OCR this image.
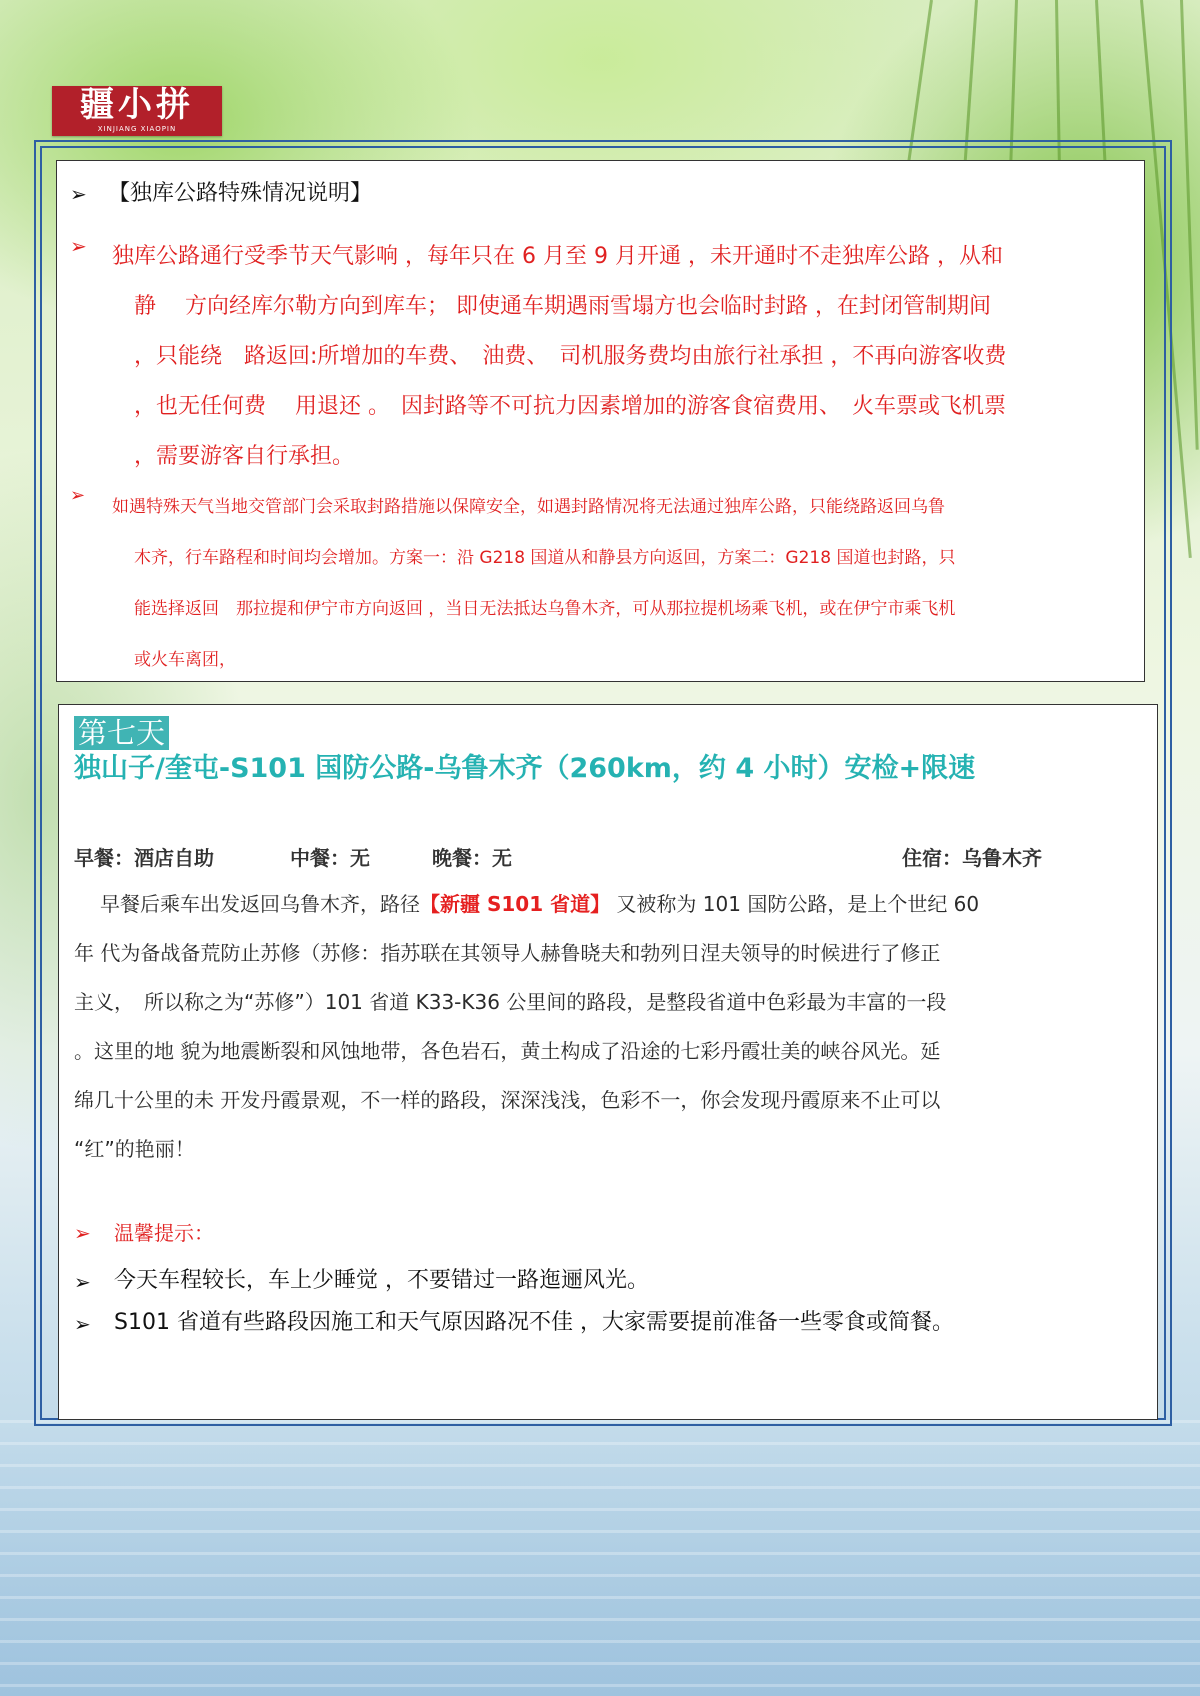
疆小拼
XINJIANG XIAOPIN
➢ 【独库公路特殊情况说明】
➢ 独库公路通行受季节天气影响 ，每年只在 6 月至 9 月开通 ，未开通时不走独库公路 ，从和
静　 方向经库尔勒方向到库车； 即使通车期遇雨雪塌方也会临时封路 ，在封闭管制期间
，只能绕　路返回:所增加的车费、　油费、　司机服务费均由旅行社承担 ，不再向游客收费
，也无任何费　 用退还 。　因封路等不可抗力因素增加的游客食宿费用、　火车票或飞机票
，需要游客自行承担。
➢
如遇特殊天气当地交管部门会采取封路措施以保障安全，如遇封路情况将无法通过独库公路，只能绕路返回乌鲁
木齐，行车路程和时间均会增加。方案一：沿 G218 国道从和静县方向返回，方案二：G218 国道也封路，只
能选择返回　那拉提和伊宁市方向返回 ，当日无法抵达乌鲁木齐，可从那拉提机场乘飞机，或在伊宁市乘飞机
或火车离团，
第七天
独山子/奎屯-S101 国防公路-乌鲁木齐（260km，约 4 小时）安检+限速
早餐：酒店自助	中餐：无	晚餐：无	住宿：乌鲁木齐
早餐后乘车出发返回乌鲁木齐，路径【新疆 S101 省道】 又被称为 101 国防公路，是上个世纪 60
年 代为备战备荒防止苏修（苏修：指苏联在其领导人赫鲁晓夫和勃列日涅夫领导的时候进行了修正
主义，　所以称之为“苏修”）101 省道 K33-K36 公里间的路段，是整段省道中色彩最为丰富的一段
。这里的地 貌为地震断裂和风蚀地带，各色岩石，黄土构成了沿途的七彩丹霞壮美的峡谷风光。延
绵几十公里的未 开发丹霞景观，不一样的路段，深深浅浅，色彩不一，你会发现丹霞原来不止可以
“红”的艳丽！
➢ 温馨提示：
➢ 今天车程较长，车上少睡觉 ，不要错过一路迤逦风光。
➢ S101 省道有些路段因施工和天气原因路况不佳 ，大家需要提前准备一些零食或简餐。
